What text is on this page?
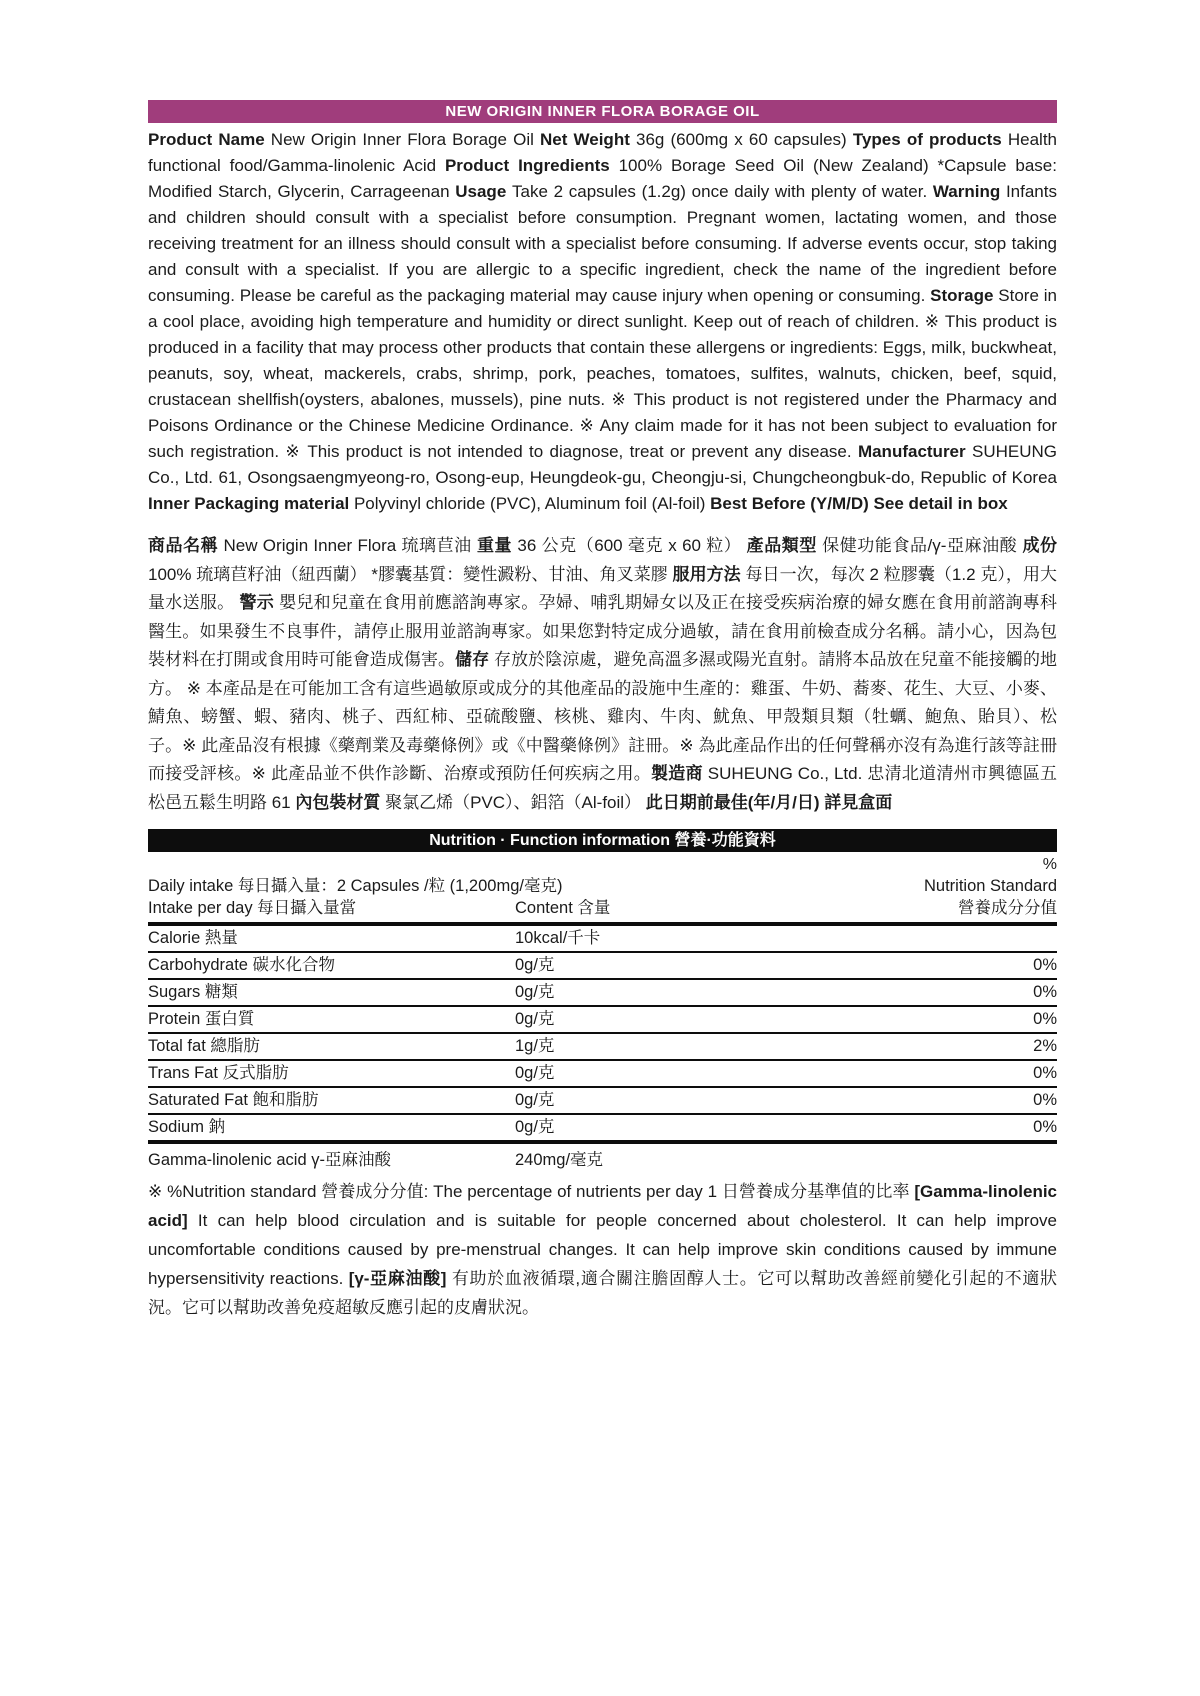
NEW ORIGIN INNER FLORA BORAGE OIL
Product Name New Origin Inner Flora Borage Oil Net Weight 36g (600mg x 60 capsules) Types of products Health functional food/Gamma-linolenic Acid Product Ingredients 100% Borage Seed Oil (New Zealand) *Capsule base: Modified Starch, Glycerin, Carrageenan Usage Take 2 capsules (1.2g) once daily with plenty of water. Warning Infants and children should consult with a specialist before consumption. Pregnant women, lactating women, and those receiving treatment for an illness should consult with a specialist before consuming. If adverse events occur, stop taking and consult with a specialist. If you are allergic to a specific ingredient, check the name of the ingredient before consuming. Please be careful as the packaging material may cause injury when opening or consuming. Storage Store in a cool place, avoiding high temperature and humidity or direct sunlight. Keep out of reach of children. ※ This product is produced in a facility that may process other products that contain these allergens or ingredients: Eggs, milk, buckwheat, peanuts, soy, wheat, mackerels, crabs, shrimp, pork, peaches, tomatoes, sulfites, walnuts, chicken, beef, squid, crustacean shellfish(oysters, abalones, mussels), pine nuts. ※ This product is not registered under the Pharmacy and Poisons Ordinance or the Chinese Medicine Ordinance. ※ Any claim made for it has not been subject to evaluation for such registration. ※ This product is not intended to diagnose, treat or prevent any disease. Manufacturer SUHEUNG Co., Ltd. 61, Osongsaengmyeong-ro, Osong-eup, Heungdeok-gu, Cheongju-si, Chungcheongbuk-do, Republic of Korea Inner Packaging material Polyvinyl chloride (PVC), Aluminum foil (Al-foil) Best Before (Y/M/D) See detail in box
商品名稱 New Origin Inner Flora 琉璃苣油 重量 36 公克（600 毫克 x 60 粒） 產品類型 保健功能食品/γ-亞麻油酸 成份 100% 琉璃苣籽油（紐西蘭） *膠囊基質：變性澱粉、甘油、角叉菜膠 服用方法 每日一次，每次 2 粒膠囊（1.2 克），用大量水送服。 警示 嬰兒和兒童在食用前應諮詢專家。孕婦、哺乳期婦女以及正在接受疾病治療的婦女應在食用前諮詢專科醫生。如果發生不良事件，請停止服用並諮詢專家。如果您對特定成分過敏，請在食用前檢查成分名稱。請小心，因為包裝材料在打開或食用時可能會造成傷害。儲存 存放於陰涼處，避免高溫多濕或陽光直射。請將本品放在兒童不能接觸的地方。 ※ 本產品是在可能加工含有這些過敏原或成分的其他產品的設施中生產的：雞蛋、牛奶、蕎麥、花生、大豆、小麥、鯖魚、螃蟹、蝦、豬肉、桃子、西紅柿、亞硫酸鹽、核桃、雞肉、牛肉、魷魚、甲殼類貝類（牡蠣、鮑魚、貽貝）、松子。※ 此產品沒有根據《藥劑業及毒藥條例》或《中醫藥條例》註冊。※ 為此產品作出的任何聲稱亦沒有為進行該等註冊而接受評核。※ 此產品並不供作診斷、治療或預防任何疾病之用。製造商 SUHEUNG Co., Ltd. 忠清北道清州市興德區五松邑五鬆生明路 61 內包裝材質 聚氯乙烯（PVC）、鋁箔（Al-foil） 此日期前最佳(年/月/日) 詳見盒面
Nutrition · Function information 營養·功能資料
%
Daily intake 每日攝入量：2 Capsules /粒 (1,200mg/毫克)	Nutrition Standard
Intake per day 每日攝入量當	Content 含量	營養成分分值
Calorie 熱量	10kcal/千卡
Carbohydrate 碳水化合物	0g/克	0%
Sugars 糖類	0g/克	0%
Protein 蛋白質	0g/克	0%
Total fat 總脂肪	1g/克	2%
Trans Fat 反式脂肪	0g/克	0%
Saturated Fat 飽和脂肪	0g/克	0%
Sodium 鈉	0g/克	0%
Gamma-linolenic acid γ-亞麻油酸	240mg/毫克
※ %Nutrition standard 營養成分分值: The percentage of nutrients per day 1 日營養成分基準值的比率 [Gamma-linolenic acid] It can help blood circulation and is suitable for people concerned about cholesterol. It can help improve uncomfortable conditions caused by pre-menstrual changes. It can help improve skin conditions caused by immune hypersensitivity reactions. [γ-亞麻油酸] 有助於血液循環,適合關注膽固醇人士。它可以幫助改善經前變化引起的不適狀況。它可以幫助改善免疫超敏反應引起的皮膚狀況。
